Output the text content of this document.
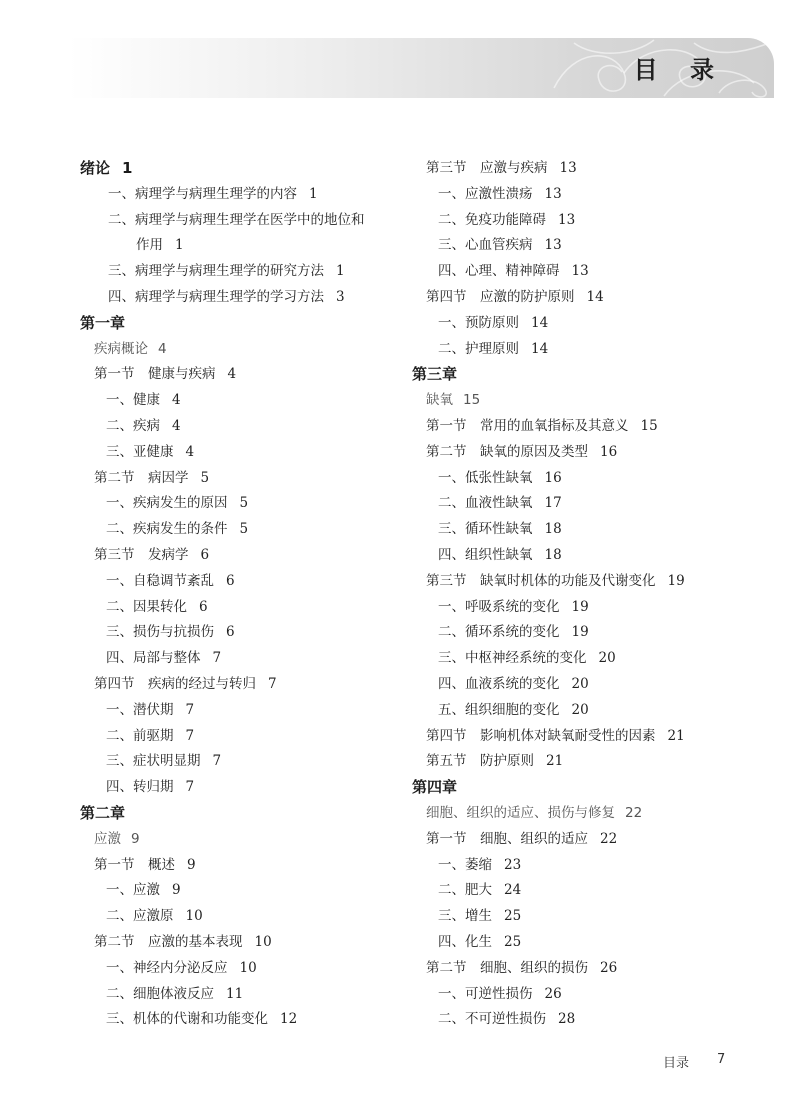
目 录
绪论 1
一、病理学与病理生理学的内容 1
二、病理学与病理生理学在医学中的地位和
作用 1
三、病理学与病理生理学的研究方法 1
四、病理学与病理生理学的学习方法 3
第一章
疾病概论 4
第一节　健康与疾病 4
一、健康 4
二、疾病 4
三、亚健康 4
第二节　病因学 5
一、疾病发生的原因 5
二、疾病发生的条件 5
第三节　发病学 6
一、自稳调节紊乱 6
二、因果转化 6
三、损伤与抗损伤 6
四、局部与整体 7
第四节　疾病的经过与转归 7
一、潜伏期 7
二、前驱期 7
三、症状明显期 7
四、转归期 7
第二章
应激 9
第一节　概述 9
一、应激 9
二、应激原 10
第二节　应激的基本表现 10
一、神经内分泌反应 10
二、细胞体液反应 11
三、机体的代谢和功能变化 12
第三节　应激与疾病 13
一、应激性溃疡 13
二、免疫功能障碍 13
三、心血管疾病 13
四、心理、精神障碍 13
第四节　应激的防护原则 14
一、预防原则 14
二、护理原则 14
第三章
缺氧 15
第一节　常用的血氧指标及其意义 15
第二节　缺氧的原因及类型 16
一、低张性缺氧 16
二、血液性缺氧 17
三、循环性缺氧 18
四、组织性缺氧 18
第三节　缺氧时机体的功能及代谢变化 19
一、呼吸系统的变化 19
二、循环系统的变化 19
三、中枢神经系统的变化 20
四、血液系统的变化 20
五、组织细胞的变化 20
第四节　影响机体对缺氧耐受性的因素 21
第五节　防护原则 21
第四章
细胞、组织的适应、损伤与修复 22
第一节　细胞、组织的适应 22
一、萎缩 23
二、肥大 24
三、增生 25
四、化生 25
第二节　细胞、组织的损伤 26
一、可逆性损伤 26
二、不可逆性损伤 28
目录 7
